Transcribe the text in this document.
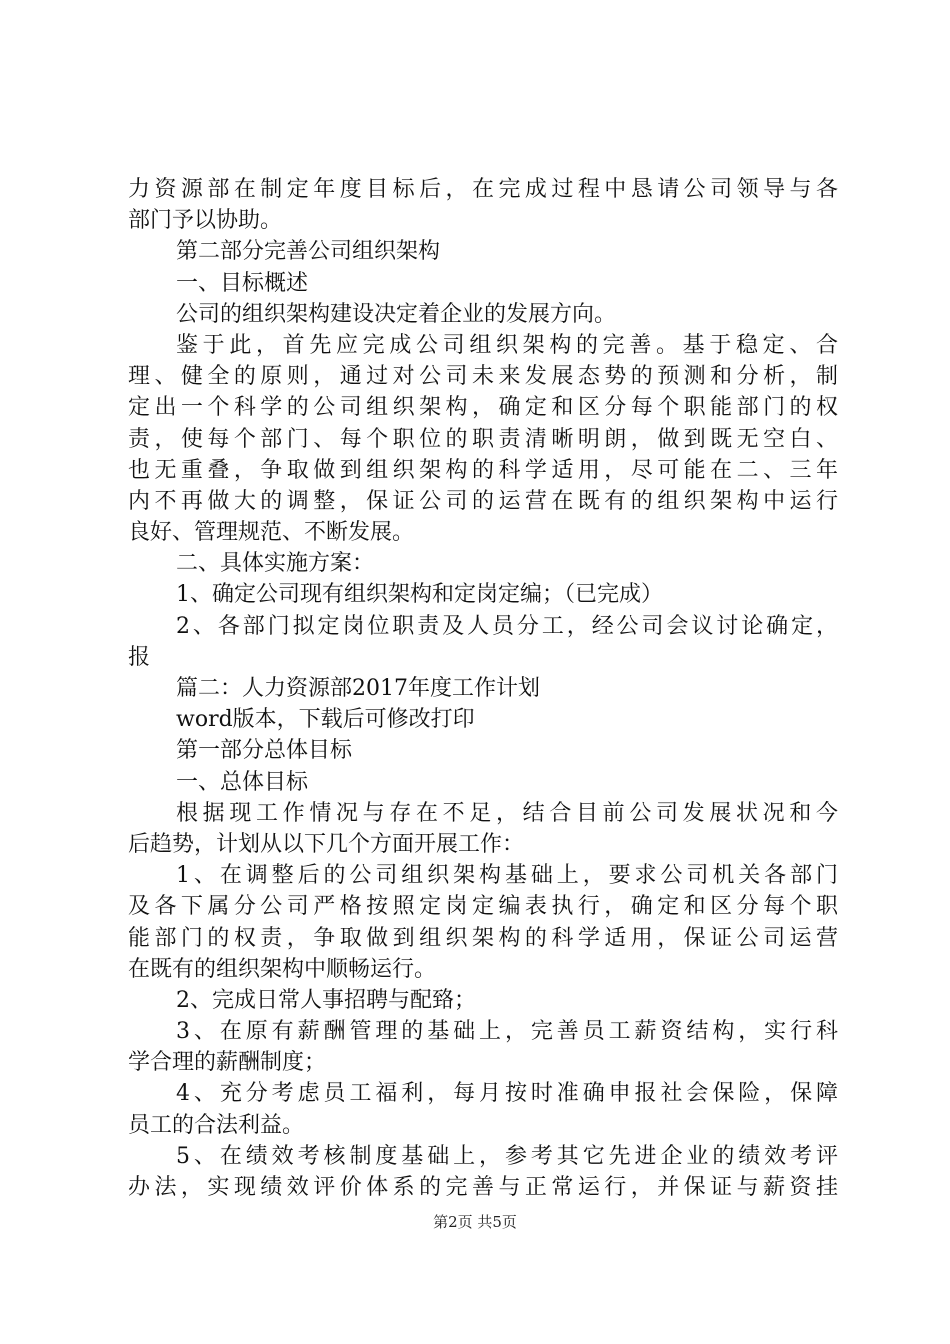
力资源部在制定年度目标后，在完成过程中恳请公司领导与各
部门予以协助。
第二部分完善公司组织架构
一、目标概述
公司的组织架构建设决定着企业的发展方向。
鉴于此，首先应完成公司组织架构的完善。基于稳定、合
理、健全的原则，通过对公司未来发展态势的预测和分析，制
定出一个科学的公司组织架构，确定和区分每个职能部门的权
责，使每个部门、每个职位的职责清晰明朗，做到既无空白、
也无重叠，争取做到组织架构的科学适用，尽可能在二、三年
内不再做大的调整，保证公司的运营在既有的组织架构中运行
良好、管理规范、不断发展。
二、具体实施方案：
1、确定公司现有组织架构和定岗定编；（已完成）
2、各部门拟定岗位职责及人员分工，经公司会议讨论确定，
报
篇二：人力资源部2017年度工作计划
word版本，下载后可修改打印
第一部分总体目标
一、总体目标
根据现工作情况与存在不足，结合目前公司发展状况和今
后趋势，计划从以下几个方面开展工作：
1、在调整后的公司组织架构基础上，要求公司机关各部门
及各下属分公司严格按照定岗定编表执行，确定和区分每个职
能部门的权责，争取做到组织架构的科学适用，保证公司运营
在既有的组织架构中顺畅运行。
2、完成日常人事招聘与配臵；
3、在原有薪酬管理的基础上，完善员工薪资结构，实行科
学合理的薪酬制度；
4、充分考虑员工福利，每月按时准确申报社会保险，保障
员工的合法利益。
5、在绩效考核制度基础上，参考其它先进企业的绩效考评
办法，实现绩效评价体系的完善与正常运行，并保证与薪资挂
第2页 共5页
